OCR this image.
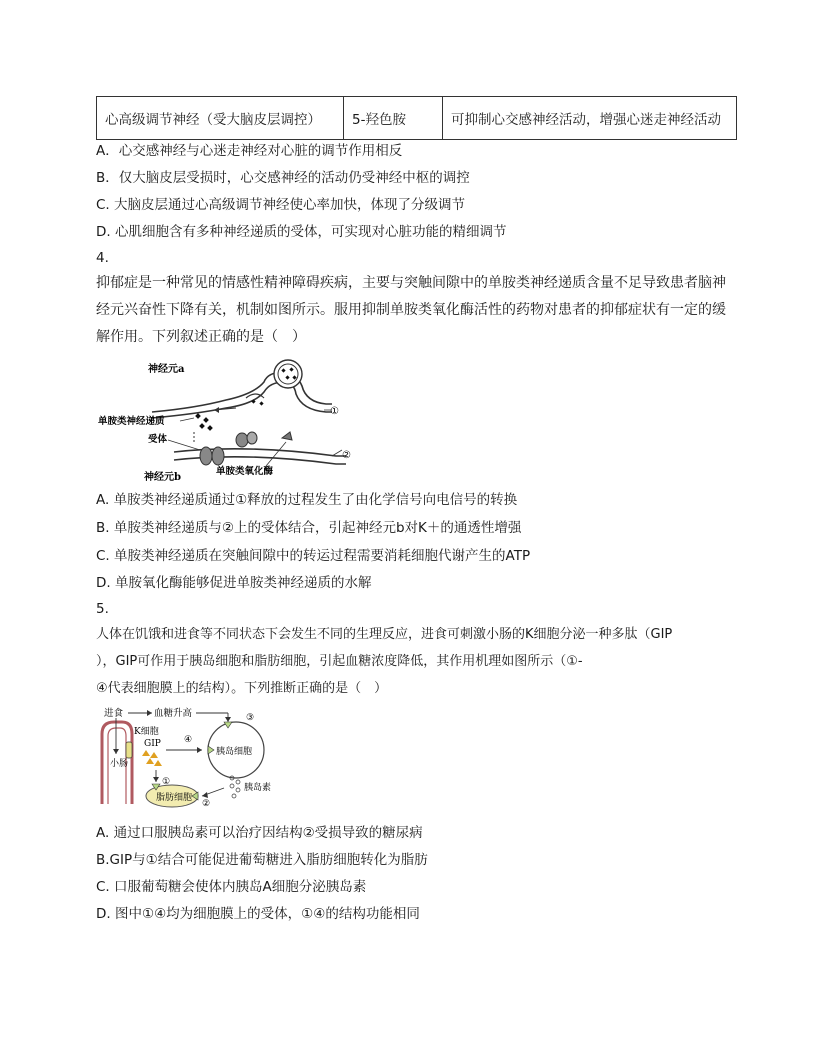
心高级调节神经（受大脑皮层调控）	5-羟色胺	可抑制心交感神经活动，增强心迷走神经活动
A．心交感神经与心迷走神经对心脏的调节作用相反
B．仅大脑皮层受损时，心交感神经的活动仍受神经中枢的调控
C. 大脑皮层通过心高级调节神经使心率加快，体现了分级调节
D. 心肌细胞含有多种神经递质的受体，可实现对心脏功能的精细调节
4.
抑郁症是一种常见的情感性精神障碍疾病，主要与突触间隙中的单胺类神经递质含量不足导致患者脑神经元兴奋性下降有关，机制如图所示。服用抑制单胺类氧化酶活性的药物对患者的抑郁症状有一定的缓解作用。下列叙述正确的是（　）
神经元a
单胺类神经递质
受体
单胺类氧化酶
神经元b
①
②
A. 单胺类神经递质通过①释放的过程发生了由化学信号向电信号的转换
B. 单胺类神经递质与②上的受体结合，引起神经元b对K＋的通透性增强
C. 单胺类神经递质在突触间隙中的转运过程需要消耗细胞代谢产生的ATP
D. 单胺氧化酶能够促进单胺类神经递质的水解
5.
人体在饥饿和进食等不同状态下会发生不同的生理反应，进食可刺激小肠的K细胞分泌一种多肽（GIP
），GIP可作用于胰岛细胞和脂肪细胞，引起血糖浓度降低，其作用机理如图所示（①-
④代表细胞膜上的结构）。下列推断正确的是（　）
进食	血糖升高
小肠
K细胞
GIP	④
胰岛细胞
③
胰岛素
脂肪细胞
①
②
A. 通过口服胰岛素可以治疗因结构②受损导致的糖尿病
B.GIP与①结合可能促进葡萄糖进入脂肪细胞转化为脂肪
C. 口服葡萄糖会使体内胰岛A细胞分泌胰岛素
D. 图中①④均为细胞膜上的受体，①④的结构功能相同
